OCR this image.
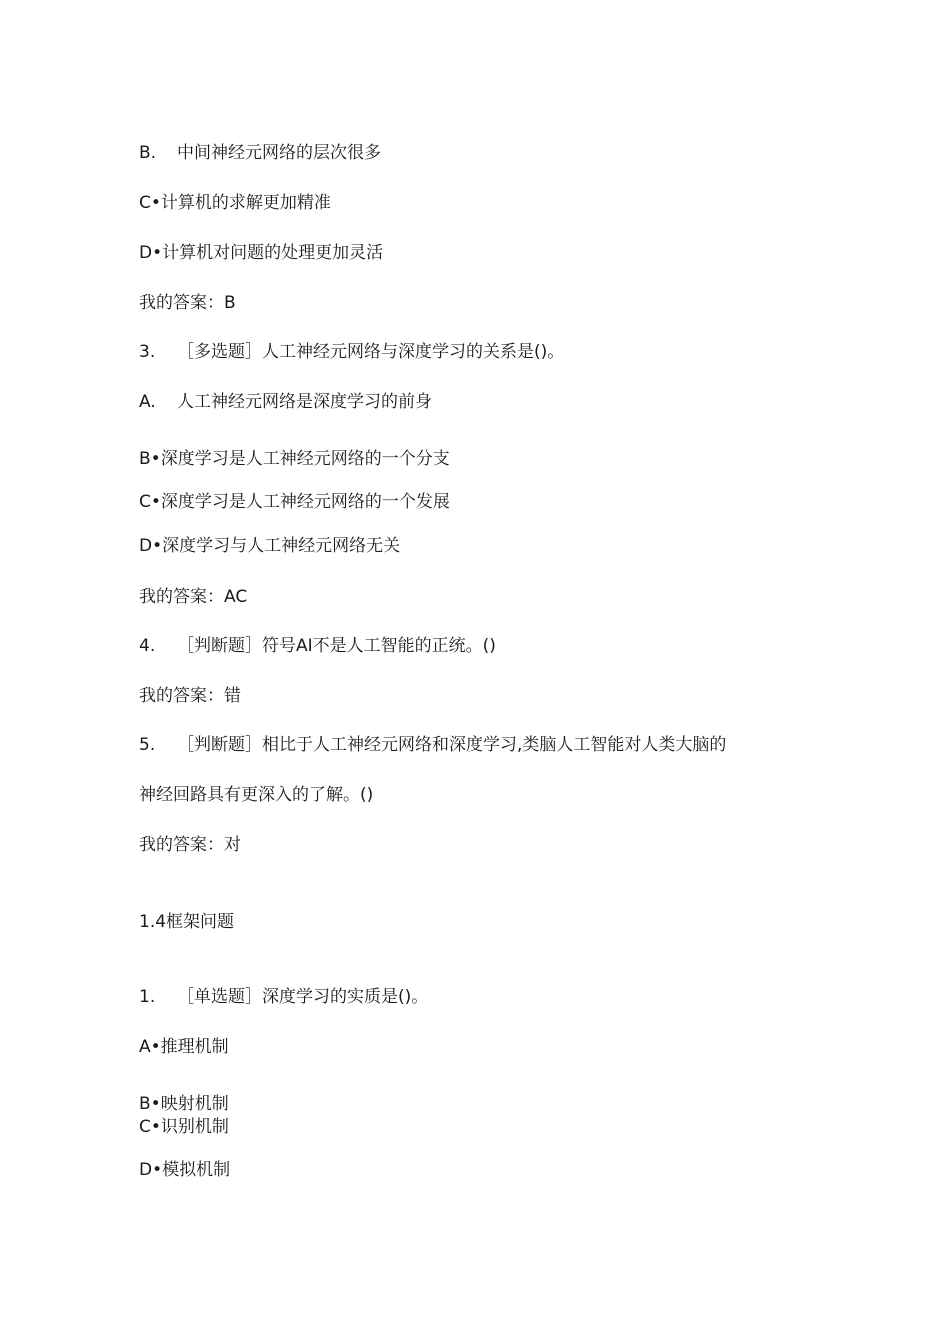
B. 中间神经元网络的层次很多
C•计算机的求解更加精准
D•计算机对问题的处理更加灵活
我的答案：B
3. ［多选题］人工神经元网络与深度学习的关系是()。
A. 人工神经元网络是深度学习的前身
B•深度学习是人工神经元网络的一个分支
C•深度学习是人工神经元网络的一个发展
D•深度学习与人工神经元网络无关
我的答案：AC
4. ［判断题］符号AI不是人工智能的正统。()
我的答案：错
5. ［判断题］相比于人工神经元网络和深度学习,类脑人工智能对人类大脑的
神经回路具有更深入的了解。()
我的答案：对
1.4框架问题
1. ［单选题］深度学习的实质是()。
A•推理机制
B•映射机制
C•识别机制
D•模拟机制
